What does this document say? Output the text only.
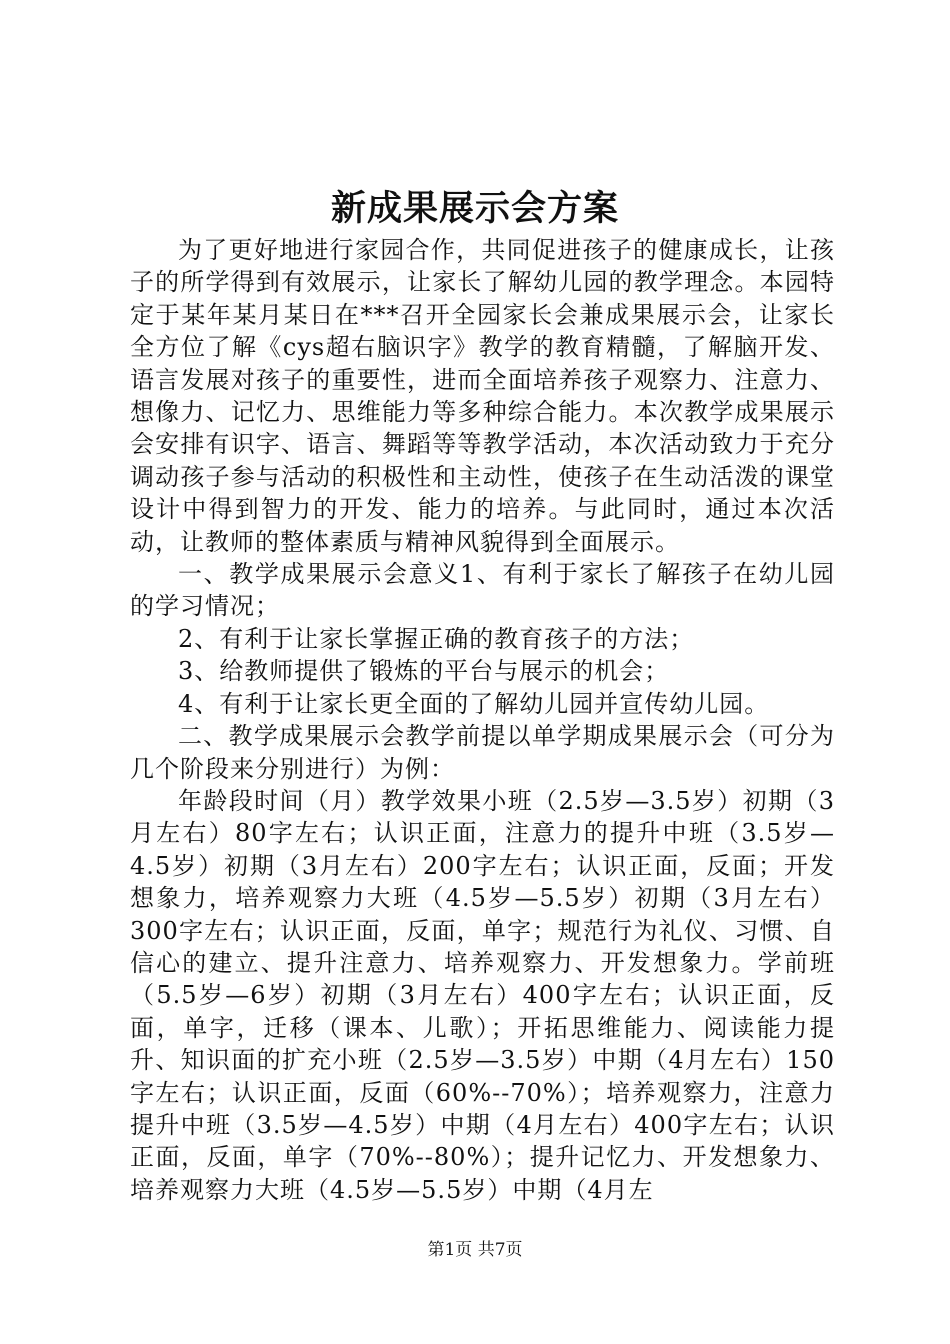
新成果展示会方案

为了更好地进行家园合作，共同促进孩子的健康成长，让孩子的所学得到有效展示，让家长了解幼儿园的教学理念。本园特定于某年某月某日在***召开全园家长会兼成果展示会，让家长全方位了解《cys超右脑识字》教学的教育精髓，了解脑开发、语言发展对孩子的重要性，进而全面培养孩子观察力、注意力、想像力、记忆力、思维能力等多种综合能力。本次教学成果展示会安排有识字、语言、舞蹈等等教学活动，本次活动致力于充分调动孩子参与活动的积极性和主动性，使孩子在生动活泼的课堂设计中得到智力的开发、能力的培养。与此同时，通过本次活动，让教师的整体素质与精神风貌得到全面展示。

一、教学成果展示会意义1、有利于家长了解孩子在幼儿园的学习情况；

2、有利于让家长掌握正确的教育孩子的方法；

3、给教师提供了锻炼的平台与展示的机会；

4、有利于让家长更全面的了解幼儿园并宣传幼儿园。

二、教学成果展示会教学前提以单学期成果展示会（可分为几个阶段来分别进行）为例：

年龄段时间（月）教学效果小班（2.5岁—3.5岁）初期（3月左右）80字左右；认识正面，注意力的提升中班（3.5岁—4.5岁）初期（3月左右）200字左右；认识正面，反面；开发想象力，培养观察力大班（4.5岁—5.5岁）初期（3月左右）300字左右；认识正面，反面，单字；规范行为礼仪、习惯、自信心的建立、提升注意力、培养观察力、开发想象力。学前班（5.5岁—6岁）初期（3月左右）400字左右；认识正面，反面，单字，迁移（课本、儿歌）；开拓思维能力、阅读能力提升、知识面的扩充小班（2.5岁—3.5岁）中期（4月左右）150字左右；认识正面，反面（60%--70%）；培养观察力，注意力提升中班（3.5岁—4.5岁）中期（4月左右）400字左右；认识正面，反面，单字（70%--80%）；提升记忆力、开发想象力、培养观察力大班（4.5岁—5.5岁）中期（4月左

第1页 共7页
